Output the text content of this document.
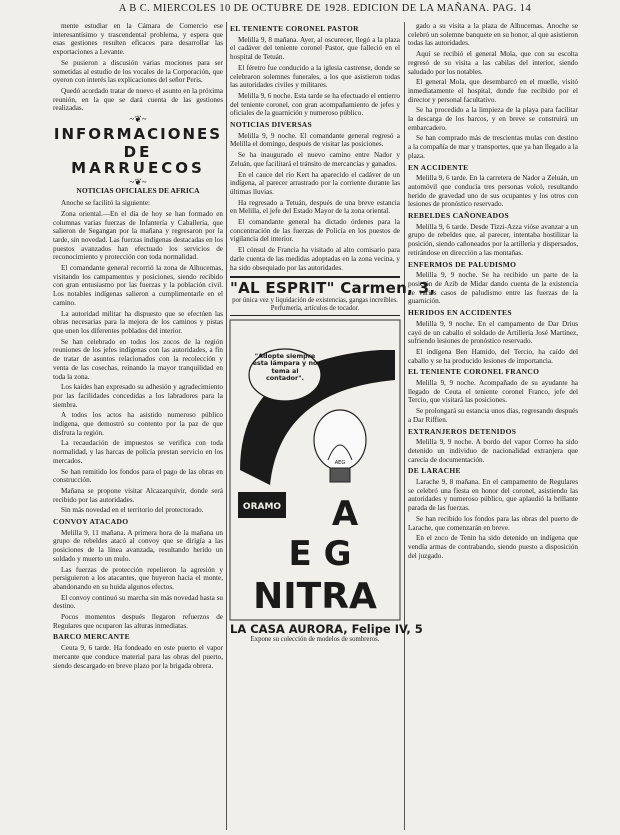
A B C. MIERCOLES 10 DE OCTUBRE DE 1928. EDICION DE LA MAÑANA. PAG. 14

mente estudiar en la Cámara de Comercio ese interesantísimo y trascendental problema, y espera que esas gestiones resulten eficaces para desarrollar las exportaciones a Levante.

Se pusieron a discusión varias mociones para ser sometidas al estudio de los vocales de la Corporación, que oyeron con interés las explicaciones del señor Peris.

Quedó acordado tratar de nuevo el asunto en la próxima reunión, en la que se dará cuenta de las gestiones realizadas.

~❦~
INFORMACIONES
DE MARRUECOS
~❦~
NOTICIAS OFICIALES DE AFRICA

Anoche se facilitó la siguiente:

Zona oriental.—En el día de hoy se han formado en columnas varias fuerzas de Infantería y Caballería, que salieron de Segangan por la mañana y regresaron por la tarde, sin novedad. Las fuerzas indígenas destacadas en los puestos avanzados han efectuado los servicios de reconocimiento y protección con toda normalidad.

El comandante general recorrió la zona de Alhucemas, visitando los campamentos y posiciones, siendo recibido con gran entusiasmo por las fuerzas y la población civil. Los notables indígenas salieron a cumplimentarle en el camino.

La autoridad militar ha dispuesto que se efectúen las obras necesarias para la mejora de los caminos y pistas que unen los diferentes poblados del interior.

Se han celebrado en todos los zocos de la región reuniones de los jefes indígenas con las autoridades, a fin de tratar de asuntos relacionados con la recolección y venta de las cosechas, reinando la mayor tranquilidad en toda la zona.

Los kaídes han expresado su adhesión y agradecimiento por las facilidades concedidas a los labradores para la siembra.

A todos los actos ha asistido numeroso público indígena, que demostró su contento por la paz de que disfruta la región.

La recaudación de impuestos se verifica con toda normalidad, y las harcas de policía prestan servicio en los mercados.

Se han remitido los fondos para el pago de las obras en construcción.

Mañana se propone visitar Alcazarquivir, donde será recibido por las autoridades.

Sin más novedad en el territorio del protectorado.

CONVOY ATACADO

Melilla 9, 11 mañana. A primera hora de la mañana un grupo de rebeldes atacó al convoy que se dirigía a las posiciones de la línea avanzada, resultando herido un soldado y muerto un mulo.

Las fuerzas de protección repelieron la agresión y persiguieron a los atacantes, que huyeron hacia el monte, abandonando en su huida algunos efectos.

El convoy continuó su marcha sin más novedad hasta su destino.

Pocos momentos después llegaron refuerzos de Regulares que ocuparon las alturas inmediatas.

BARCO MERCANTE

Ceuta 9, 6 tarde. Ha fondeado en este puerto el vapor mercante que conduce material para las obras del puerto, siendo descargado en breve plazo por la brigada obrera.

EL TENIENTE CORONEL PASTOR

Melilla 9, 8 mañana. Ayer, al oscurecer, llegó a la plaza el cadáver del teniente coronel Pastor, que falleció en el hospital de Tetuán.

El féretro fue conducido a la iglesia castrense, donde se celebraron solemnes funerales, a los que asistieron todas las autoridades civiles y militares.

Melilla 9, 6 noche. Esta tarde se ha efectuado el entierro del teniente coronel, con gran acompañamiento de jefes y oficiales de la guarnición y numeroso público.

NOTICIAS DIVERSAS

Melilla 9, 9 noche. El comandante general regresó a Melilla el domingo, después de visitar las posiciones.

Se ha inaugurado el nuevo camino entre Nador y Zeluán, que facilitará el tránsito de mercancías y ganados.

En el cauce del río Kert ha aparecido el cadáver de un indígena, al parecer arrastrado por la corriente durante las últimas lluvias.

Ha regresado a Tetuán, después de una breve estancia en Melilla, el jefe del Estado Mayor de la zona oriental.

El comandante general ha dictado órdenes para la concentración de las fuerzas de Policía en los puestos de vigilancia del interior.

El cónsul de Francia ha visitado al alto comisario para darle cuenta de las medidas adoptadas en la zona vecina, y ha sido obsequiado por las autoridades.

"AL ESPRIT" Carmen, 3,
por única vez y liquidación de existencias, gangas increíbles. Perfumería, artículos de tocador.
"Adopte siempre esta lámpara y no tema al contador".
AEG
ORAMO A
E G
NITRA
LA CASA AURORA, Felipe IV, 5
Expone su colección de modelos de sombreros.

gado a su visita a la plaza de Alhucemas. Anoche se celebró un solemne banquete en su honor, al que asistieron todas las autoridades.

Aquí se recibió el general Mola, que con su escolta regresó de su visita a las cabilas del interior, siendo saludado por los notables.

El general Mola, que desembarcó en el muelle, visitó inmediatamente el hospital, donde fue recibido por el director y personal facultativo.

Se ha procedido a la limpieza de la playa para facilitar la descarga de los barcos, y en breve se construirá un embarcadero.

Se han comprado más de trescientas mulas con destino a la compañía de mar y transportes, que ya han llegado a la plaza.

EN ACCIDENTE

Melilla 9, 6 tarde. En la carretera de Nador a Zeluán, un automóvil que conducía tres personas volcó, resultando herido de gravedad uno de sus ocupantes y los otros con lesiones de pronóstico reservado.

REBELDES CAÑONEADOS

Melilla 9, 6 tarde. Desde Tizzi-Azza vióse avanzar a un grupo de rebeldes que, al parecer, intentaba hostilizar la posición, siendo cañoneados por la artillería y dispersados, retirándose en dirección a las montañas.

ENFERMOS DE PALUDISMO

Melilla 9, 9 noche. Se ha recibido un parte de la posición de Azib de Midar dando cuenta de la existencia de varios casos de paludismo entre las fuerzas de la guarnición.

HERIDOS EN ACCIDENTES

Melilla 9, 9 noche. En el campamento de Dar Drius cayó de un caballo el soldado de Artillería José Martínez, sufriendo lesiones de pronóstico reservado.

El indígena Ben Hamido, del Tercio, ha caído del caballo y se ha producido lesiones de importancia.

EL TENIENTE CORONEL FRANCO

Melilla 9, 9 noche. Acompañado de su ayudante ha llegado de Ceuta el teniente coronel Franco, jefe del Tercio, que visitará las posiciones.

Se prolongará su estancia unos días, regresando después a Dar Riffien.

EXTRANJEROS DETENIDOS

Melilla 9, 9 noche. A bordo del vapor Correo ha sido detenido un individuo de nacionalidad extranjera que carecía de documentación.

DE LARACHE

Larache 9, 8 mañana. En el campamento de Regulares se celebró una fiesta en honor del coronel, asistiendo las autoridades y numeroso público, que aplaudió la brillante parada de las fuerzas.

Se han recibido los fondos para las obras del puerto de Larache, que comenzarán en breve.

En el zoco de Tenin ha sido detenido un indígena que vendía armas de contrabando, siendo puesto a disposición del juzgado.
